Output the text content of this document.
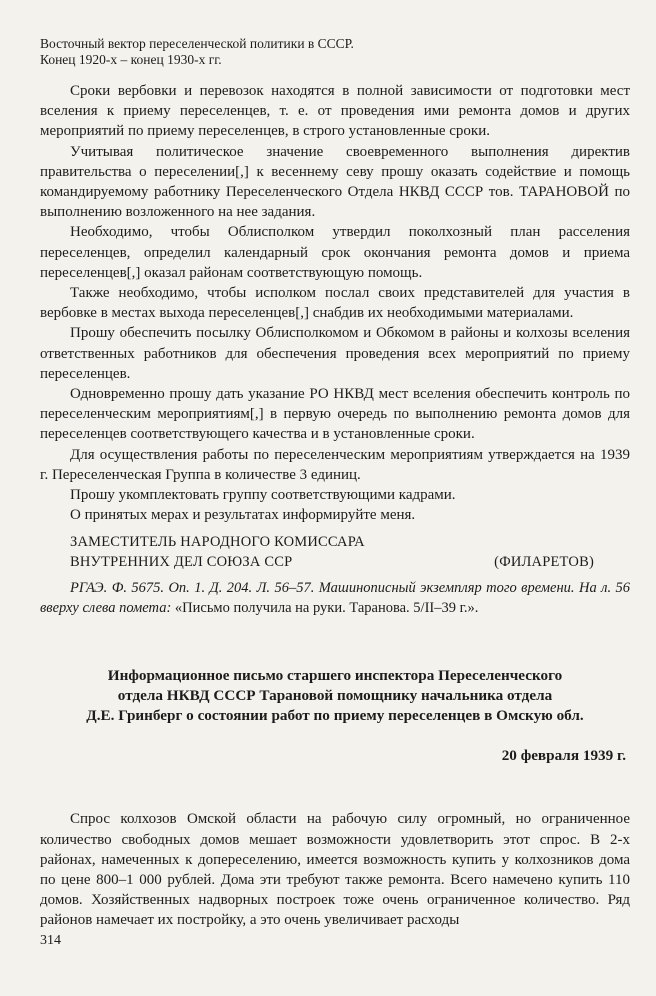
Восточный вектор переселенческой политики в СССР.
Конец 1920-х – конец 1930-х гг.

Сроки вербовки и перевозок находятся в полной зависимости от подготовки мест вселения к приему переселенцев, т. е. от проведения ими ремонта домов и других мероприятий по приему переселенцев, в строго установленные сроки.

Учитывая политическое значение своевременного выполнения директив правительства о переселении[,] к весеннему севу прошу оказать содействие и помощь командируемому работнику Переселенческого Отдела НКВД СССР тов. ТАРАНОВОЙ по выполнению возложенного на нее задания.

Необходимо, чтобы Облисполком утвердил поколхозный план расселения переселенцев, определил календарный срок окончания ремонта домов и приема переселенцев[,] оказал районам соответствующую помощь.

Также необходимо, чтобы исполком послал своих представителей для участия в вербовке в местах выхода переселенцев[,] снабдив их необходимыми материалами.

Прошу обеспечить посылку Облисполкомом и Обкомом в районы и колхозы вселения ответственных работников для обеспечения проведения всех мероприятий по приему переселенцев.

Одновременно прошу дать указание РО НКВД мест вселения обеспечить контроль по переселенческим мероприятиям[,] в первую очередь по выполнению ремонта домов для переселенцев соответствующего качества и в установленные сроки.

Для осуществления работы по переселенческим мероприятиям утверждается на 1939 г. Переселенческая Группа в количестве 3 единиц.

Прошу укомплектовать группу соответствующими кадрами.

О принятых мерах и результатах информируйте меня.

ЗАМЕСТИТЕЛЬ НАРОДНОГО КОМИССАРА
ВНУТРЕННИХ ДЕЛ СОЮЗА ССР	(ФИЛАРЕТОВ)
РГАЭ. Ф. 5675. Оп. 1. Д. 204. Л. 56–57. Машинописный экземпляр того времени. На л. 56 вверху слева помета: «Письмо получила на руки. Таранова. 5/II–39 г.».
Информационное письмо старшего инспектора Переселенческого
отдела НКВД СССР Тарановой помощнику начальника отдела
Д.Е. Гринберг о состоянии работ по приему переселенцев в Омскую обл.
20 февраля 1939 г.

Спрос колхозов Омской области на рабочую силу огромный, но ограниченное количество свободных домов мешает возможности удовлетворить этот спрос. В 2-х районах, намеченных к допереселению, имеется возможность купить у колхозников дома по цене 800–1 000 рублей. Дома эти требуют также ремонта. Всего намечено купить 110 домов. Хозяйственных надворных построек тоже очень ограниченное количество. Ряд районов намечает их постройку, а это очень увеличивает расходы

314
